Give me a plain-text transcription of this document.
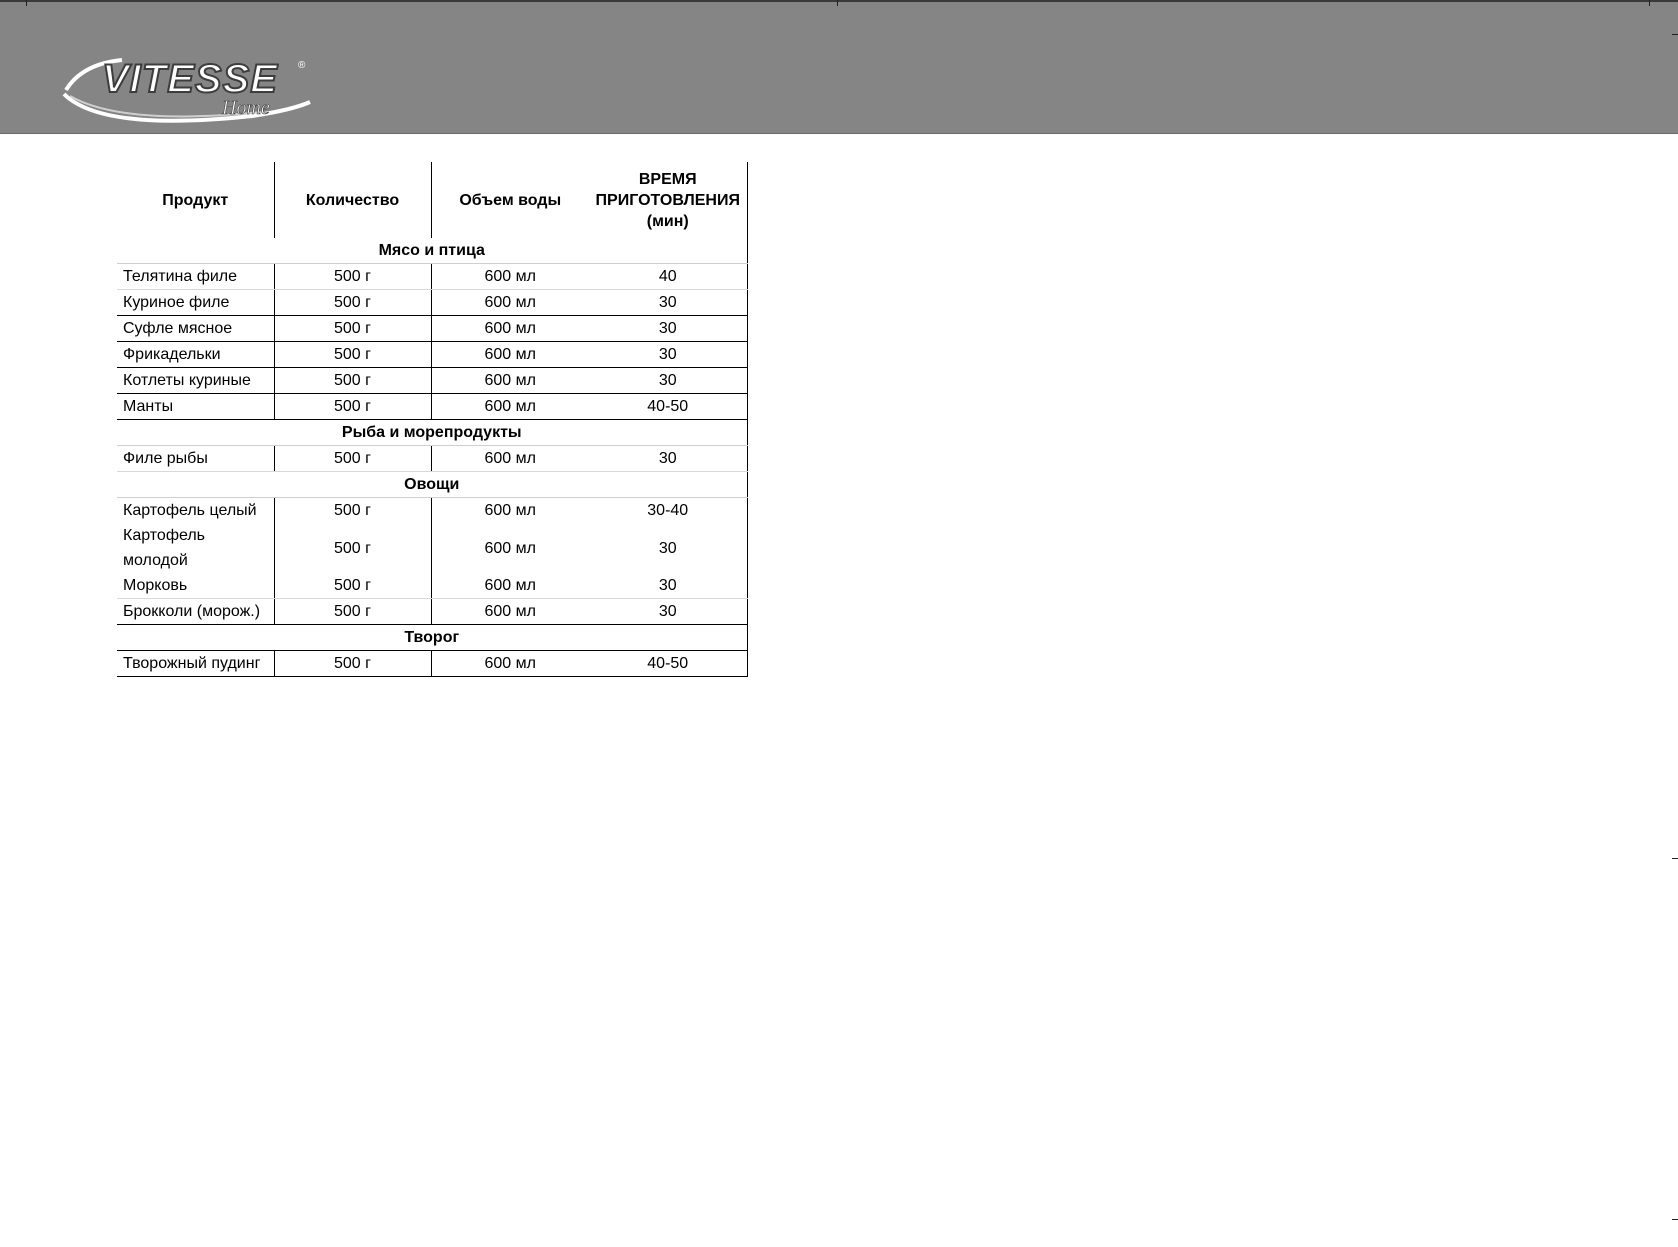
VITESSE ®
Home
Продукт	Количество	Объем воды	ВРЕМЯ
ПРИГОТОВЛЕНИЯ
(мин)
Мясо и птица			
Телятина филе	500 г	600 мл	40
Куриное филе	500 г	600 мл	30
Суфле мясное	500 г	600 мл	30
Фрикадельки	500 г	600 мл	30
Котлеты куриные	500 г	600 мл	30
Манты	500 г	600 мл	40-50
Рыба и морепродукты			
Филе рыбы	500 г	600 мл	30
Овощи			
Картофель целый	500 г	600 мл	30-40
Картофель молодой	500 г	600 мл	30
Морковь	500 г	600 мл	30
Брокколи (морож.)	500 г	600 мл	30
Творог			
Творожный пудинг	500 г	600 мл	40-50
